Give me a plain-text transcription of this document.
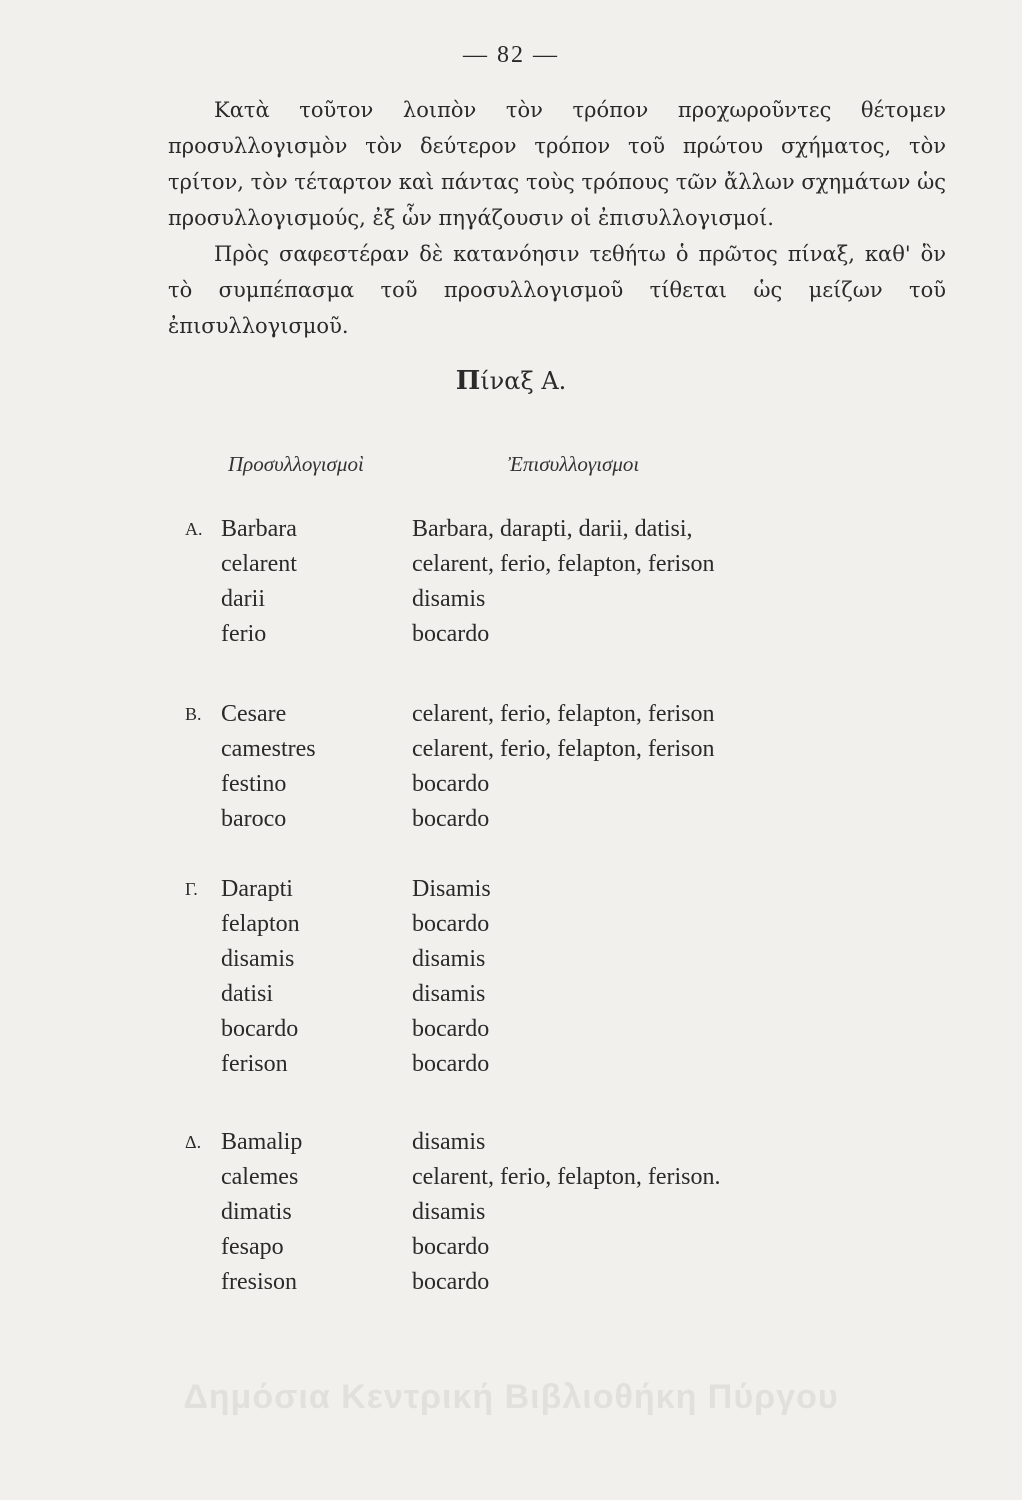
— 82 —
Κατὰ τοῦτον λοιπὸν τὸν τρόπον προχωροῦντες θέτομεν προσυλλογισμὸν τὸν δεύτερον τρόπον τοῦ πρώτου σχήματος, τὸν τρίτον, τὸν τέταρτον καὶ πάντας τοὺς τρόπους τῶν ἄλλων σχημάτων ὡς προσυλλογισμούς, ἐξ ὧν πηγάζουσιν οἱ ἐπισυλλογισμοί.
Πρὸς σαφεστέραν δὲ κατανόησιν τεθήτω ὁ πρῶτος πίναξ, καθ' ὃν τὸ συμπέπασμα τοῦ προσυλλογισμοῦ τίθεται ὡς μείζων τοῦ ἐπισυλλογισμοῦ.
Πίναξ Α.
Προσυλλογισμοὶ	Ἐπισυλλογισμοι
Α. Barbara	Barbara, darapti, darii, datisi,
celarent	celarent, ferio, felapton, ferison
darii	disamis
ferio	bocardo
Β. Cesare	celarent, ferio, felapton, ferison
camestres	celarent, ferio, felapton, ferison
festino	bocardo
baroco	bocardo
Γ. Darapti	Disamis
felapton	bocardo
disamis	disamis
datisi	disamis
bocardo	bocardo
ferison	bocardo
Δ. Bamalip	disamis
calemes	celarent, ferio, felapton, ferison.
dimatis	disamis
fesapo	bocardo
fresison	bocardo
Δημόσια Κεντρική Βιβλιοθήκη Πύργου
